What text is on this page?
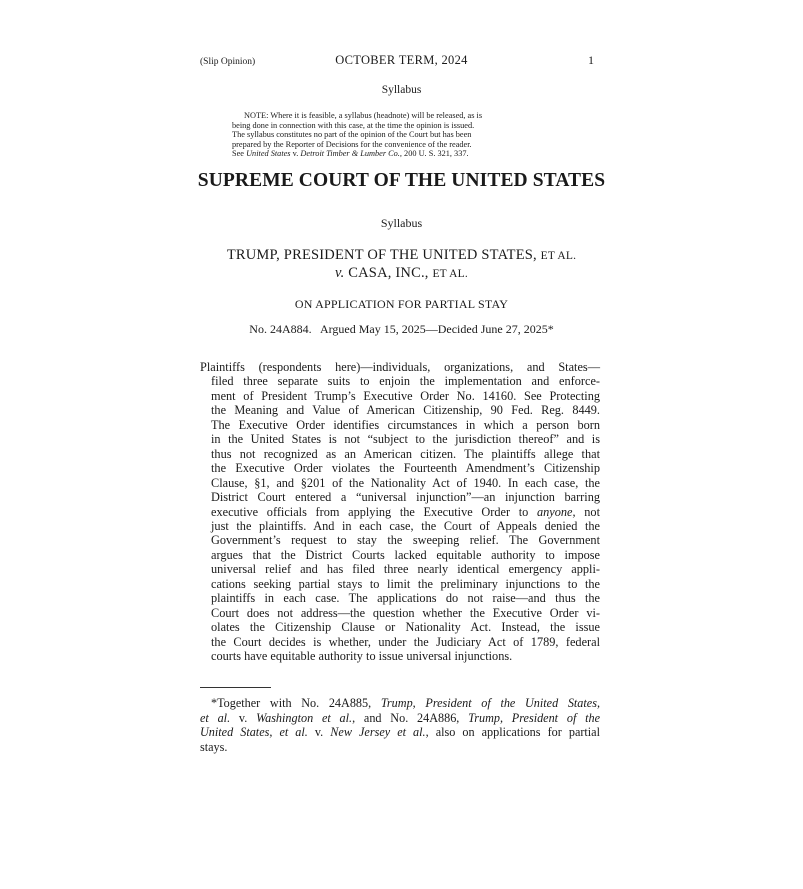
(Slip Opinion)	OCTOBER TERM, 2024	1
Syllabus
NOTE: Where it is feasible, a syllabus (headnote) will be released, as is
being done in connection with this case, at the time the opinion is issued.
The syllabus constitutes no part of the opinion of the Court but has been
prepared by the Reporter of Decisions for the convenience of the reader.
See United States v. Detroit Timber & Lumber Co., 200 U. S. 321, 337.
SUPREME COURT OF THE UNITED STATES
Syllabus
TRUMP, PRESIDENT OF THE UNITED STATES, ET AL.
v. CASA, INC., ET AL.
ON APPLICATION FOR PARTIAL STAY
No. 24A884.   Argued May 15, 2025—Decided June 27, 2025*
Plaintiffs (respondents here)—individuals, organizations, and States—
filed three separate suits to enjoin the implementation and enforce-
ment of President Trump’s Executive Order No. 14160. See Protecting
the Meaning and Value of American Citizenship, 90 Fed. Reg. 8449.
The Executive Order identifies circumstances in which a person born
in the United States is not “subject to the jurisdiction thereof” and is
thus not recognized as an American citizen. The plaintiffs allege that
the Executive Order violates the Fourteenth Amendment’s Citizenship
Clause, §1, and §201 of the Nationality Act of 1940. In each case, the
District Court entered a “universal injunction”—an injunction barring
executive officials from applying the Executive Order to anyone, not
just the plaintiffs. And in each case, the Court of Appeals denied the
Government’s request to stay the sweeping relief. The Government
argues that the District Courts lacked equitable authority to impose
universal relief and has filed three nearly identical emergency appli-
cations seeking partial stays to limit the preliminary injunctions to the
plaintiffs in each case. The applications do not raise—and thus the
Court does not address—the question whether the Executive Order vi-
olates the Citizenship Clause or Nationality Act. Instead, the issue
the Court decides is whether, under the Judiciary Act of 1789, federal
courts have equitable authority to issue universal injunctions.
*Together with No. 24A885, Trump, President of the United States,
et al. v. Washington et al., and No. 24A886, Trump, President of the
United States, et al. v. New Jersey et al., also on applications for partial
stays.
